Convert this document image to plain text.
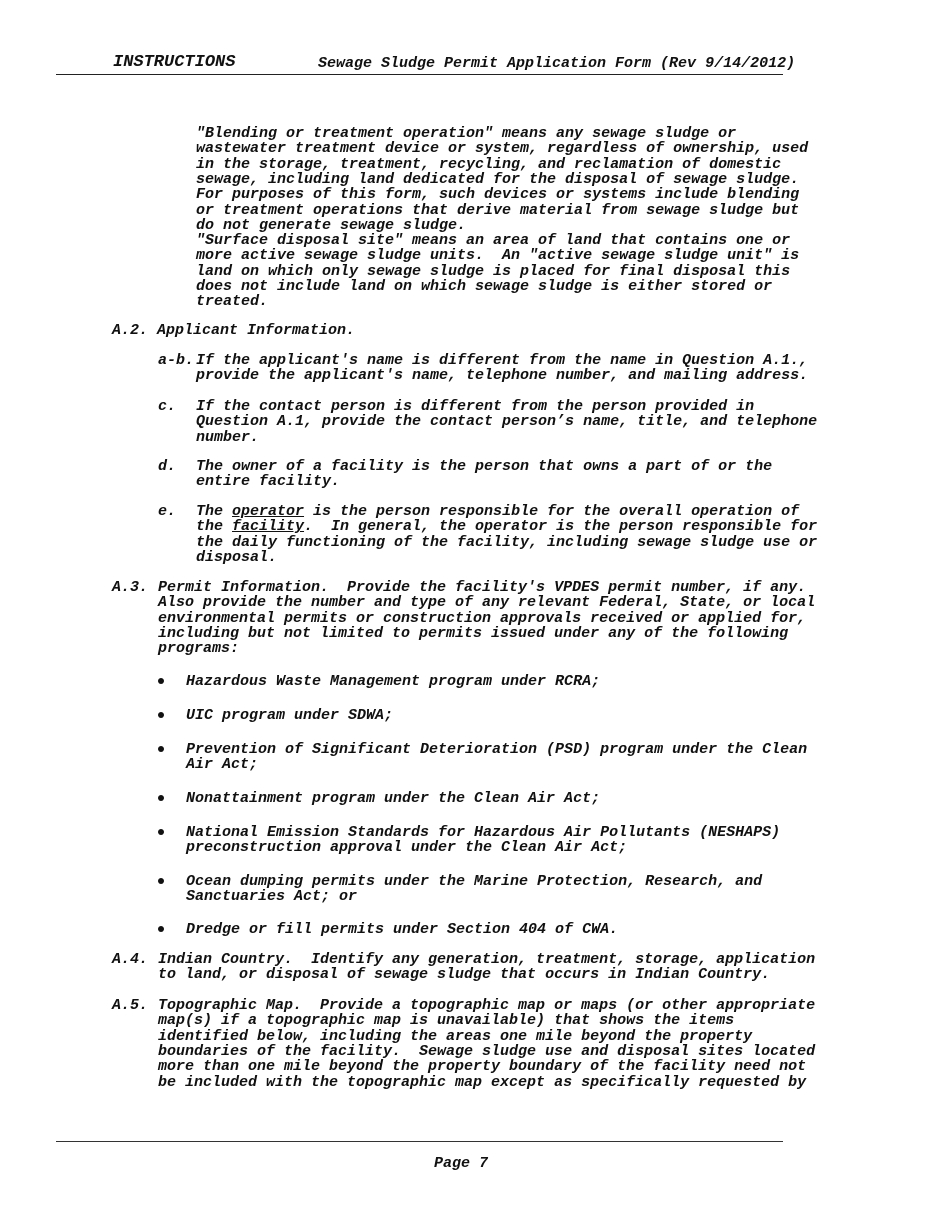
INSTRUCTIONS	Sewage Sludge Permit Application Form (Rev 9/14/2012)
"Blending or treatment operation" means any sewage sludge or
wastewater treatment device or system, regardless of ownership, used
in the storage, treatment, recycling, and reclamation of domestic
sewage, including land dedicated for the disposal of sewage sludge.
For purposes of this form, such devices or systems include blending
or treatment operations that derive material from sewage sludge but
do not generate sewage sludge.
"Surface disposal site" means an area of land that contains one or
more active sewage sludge units.  An "active sewage sludge unit" is
land on which only sewage sludge is placed for final disposal this
does not include land on which sewage sludge is either stored or
treated.
A.2. Applicant Information.
a-b. If the applicant's name is different from the name in Question A.1.,
provide the applicant's name, telephone number, and mailing address.
c. If the contact person is different from the person provided in
Question A.1, provide the contact person’s name, title, and telephone
number.
d. The owner of a facility is the person that owns a part of or the
entire facility.
e. The operator is the person responsible for the overall operation of
the facility.  In general, the operator is the person responsible for
the daily functioning of the facility, including sewage sludge use or
disposal.
A.3. Permit Information.  Provide the facility's VPDES permit number, if any.
Also provide the number and type of any relevant Federal, State, or local
environmental permits or construction approvals received or applied for,
including but not limited to permits issued under any of the following
programs:
Hazardous Waste Management program under RCRA;
UIC program under SDWA;
Prevention of Significant Deterioration (PSD) program under the Clean
Air Act;
Nonattainment program under the Clean Air Act;
National Emission Standards for Hazardous Air Pollutants (NESHAPS)
preconstruction approval under the Clean Air Act;
Ocean dumping permits under the Marine Protection, Research, and
Sanctuaries Act; or
Dredge or fill permits under Section 404 of CWA.
A.4. Indian Country.  Identify any generation, treatment, storage, application
to land, or disposal of sewage sludge that occurs in Indian Country.
A.5. Topographic Map.  Provide a topographic map or maps (or other appropriate
map(s) if a topographic map is unavailable) that shows the items
identified below, including the areas one mile beyond the property
boundaries of the facility.  Sewage sludge use and disposal sites located
more than one mile beyond the property boundary of the facility need not
be included with the topographic map except as specifically requested by
Page 7
